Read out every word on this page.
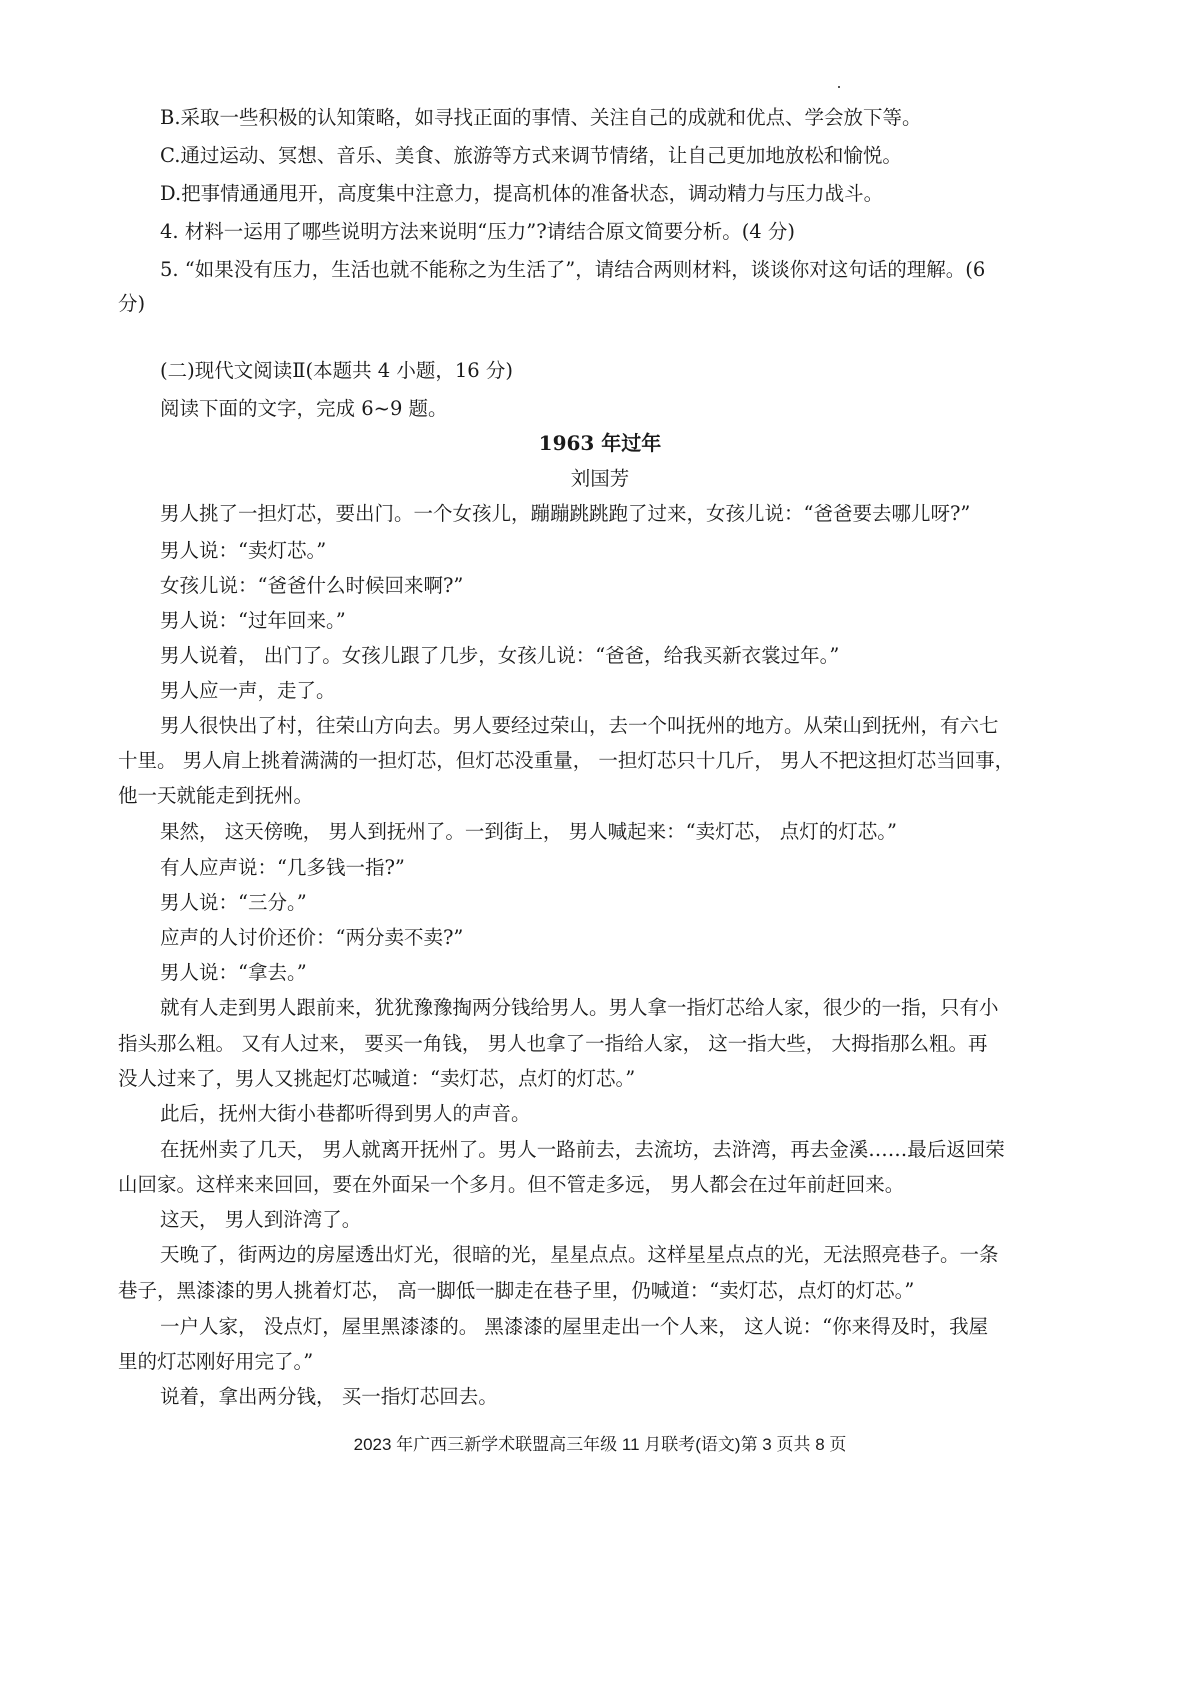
B.采取一些积极的认知策略，如寻找正面的事情、关注自己的成就和优点、学会放下等。
C.通过运动、冥想、音乐、美食、旅游等方式来调节情绪，让自己更加地放松和愉悦。
D.把事情通通甩开，高度集中注意力，提高机体的准备状态，调动精力与压力战斗。
4. 材料一运用了哪些说明方法来说明“压力”?请结合原文简要分析。(4 分)
5. “如果没有压力，生活也就不能称之为生活了”，请结合两则材料，谈谈你对这句话的理解。(6
分)
(二)现代文阅读Ⅱ(本题共 4 小题，16 分)
阅读下面的文字，完成 6~9 题。
1963 年过年
刘国芳
男人挑了一担灯芯，要出门。一个女孩儿，蹦蹦跳跳跑了过来，女孩儿说：“爸爸要去哪儿呀?”
男人说：“卖灯芯。”
女孩儿说：“爸爸什么时候回来啊?”
男人说：“过年回来。”
男人说着， 出门了。女孩儿跟了几步，女孩儿说：“爸爸，给我买新衣裳过年。”
男人应一声，走了。
男人很快出了村，往荣山方向去。男人要经过荣山，去一个叫抚州的地方。从荣山到抚州，有六七
十里。 男人肩上挑着满满的一担灯芯，但灯芯没重量， 一担灯芯只十几斤， 男人不把这担灯芯当回事，
他一天就能走到抚州。
果然， 这天傍晚， 男人到抚州了。一到街上， 男人喊起来：“卖灯芯， 点灯的灯芯。”
有人应声说：“几多钱一指?”
男人说：“三分。”
应声的人讨价还价：“两分卖不卖?”
男人说：“拿去。”
就有人走到男人跟前来，犹犹豫豫掏两分钱给男人。男人拿一指灯芯给人家，很少的一指，只有小
指头那么粗。 又有人过来， 要买一角钱， 男人也拿了一指给人家， 这一指大些， 大拇指那么粗。再
没人过来了，男人又挑起灯芯喊道：“卖灯芯，点灯的灯芯。”
此后，抚州大街小巷都听得到男人的声音。
在抚州卖了几天， 男人就离开抚州了。男人一路前去，去流坊，去浒湾，再去金溪……最后返回荣
山回家。这样来来回回，要在外面呆一个多月。但不管走多远， 男人都会在过年前赶回来。
这天， 男人到浒湾了。
天晚了，街两边的房屋透出灯光，很暗的光，星星点点。这样星星点点的光，无法照亮巷子。一条
巷子，黑漆漆的男人挑着灯芯， 高一脚低一脚走在巷子里，仍喊道：“卖灯芯，点灯的灯芯。”
一户人家， 没点灯，屋里黑漆漆的。 黑漆漆的屋里走出一个人来， 这人说：“你来得及时，我屋
里的灯芯刚好用完了。”
说着，拿出两分钱， 买一指灯芯回去。
2023 年广西三新学术联盟高三年级 11 月联考(语文)第 3 页共 8 页
